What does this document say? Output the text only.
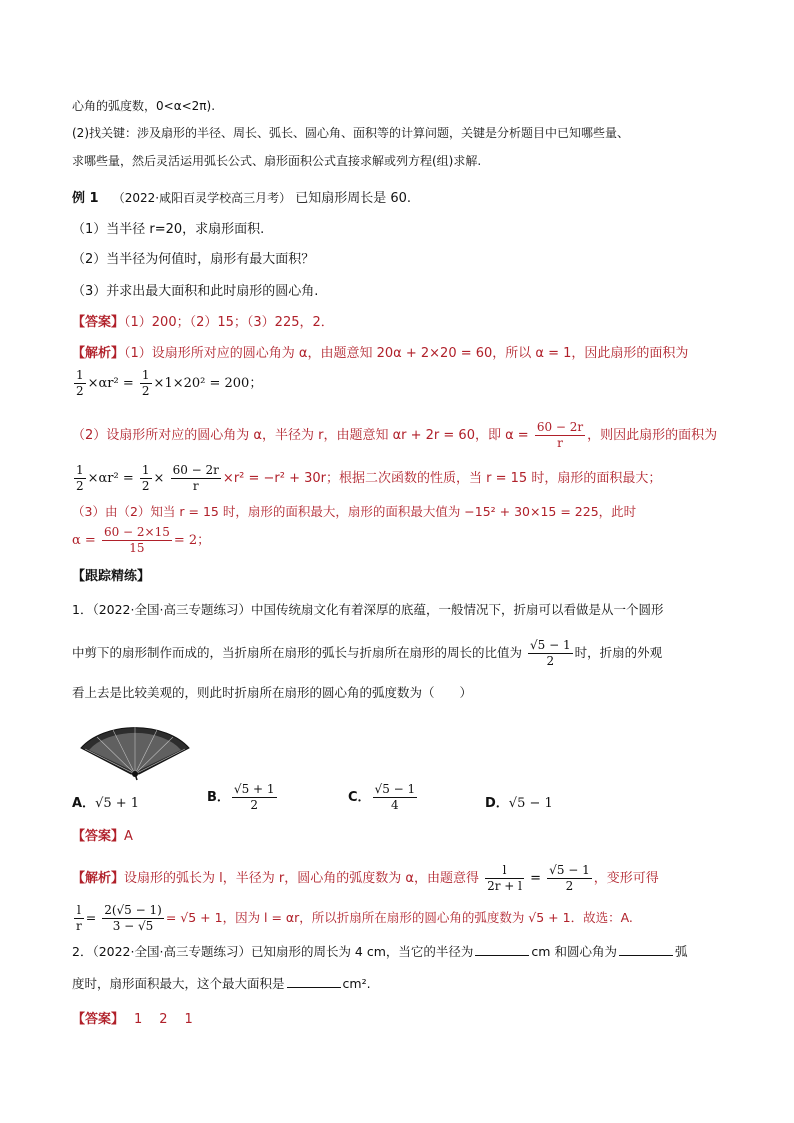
心角的弧度数，0<α<2π).
(2)找关键：涉及扇形的半径、周长、弧长、圆心角、面积等的计算问题，关键是分析题目中已知哪些量、
求哪些量，然后灵活运用弧长公式、扇形面积公式直接求解或列方程(组)求解.
例 1 （2022·咸阳百灵学校高三月考） 已知扇形周长是 60.
（1）当半径 r=20，求扇形面积.
（2）当半径为何值时，扇形有最大面积？
（3）并求出最大面积和此时扇形的圆心角.
【答案】（1）200；（2）15；（3）225，2．
【解析】（1）设扇形所对应的圆心角为 α，由题意知 20α + 2×20 = 60，所以 α = 1，因此扇形的面积为
$\frac{1}{2} \times\alpha r^2 = \frac{1}{2} \times 1\times 20^2 = 200$；
（2）设扇形所对应的圆心角为 α，半径为 r，由题意知 αr + 2r = 60，即 $\alpha = \frac{60 - 2r}{r}$ ，则因此扇形的面积为
$\frac{1}{2} \times\alpha r^2 = \frac{1}{2} \times \frac{60 - 2r}{r} \times r^2 = -r^2 + 30r$；根据二次函数的性质，当 r = 15 时，扇形的面积最大；
（3）由（2）知当 r = 15 时，扇形的面积最大，扇形的面积最大值为 −15² + 30×15 = 225，此时
$\alpha = \frac{60 - 2\times 15}{15} = 2$；
【跟踪精练】
1．（2022·全国·高三专题练习）中国传统扇文化有着深厚的底蕴，一般情况下，折扇可以看做是从一个圆形
中剪下的扇形制作而成的，当折扇所在扇形的弧长与折扇所在扇形的周长的比值为 $\frac{√5 - 1}{2}$ 时，折扇的外观
看上去是比较美观的，则此时折扇所在扇形的圆心角的弧度数为（　　）
A．√5 + 1	B． $\frac{√5 + 1}{2}$	C． $\frac{√5 - 1}{4}$	D．√5 − 1
【答案】A
【解析】设扇形的弧长为 l，半径为 r，圆心角的弧度数为 α，由题意得 $\frac{l}{2r + l} = \frac{√5 - 1}{2}$ ，变形可得
$\frac{l}{r} = \frac{2(√5 - 1)}{3 - √5} = √5 + 1$，因为 l = αr，所以折扇所在扇形的圆心角的弧度数为 √5 + 1．故选：A.
2．（2022·全国·高三专题练习）已知扇形的周长为 4 cm，当它的半径为	cm 和圆心角为	弧
度时，扇形面积最大，这个最大面积是	cm².
【答案】 1　2　1
